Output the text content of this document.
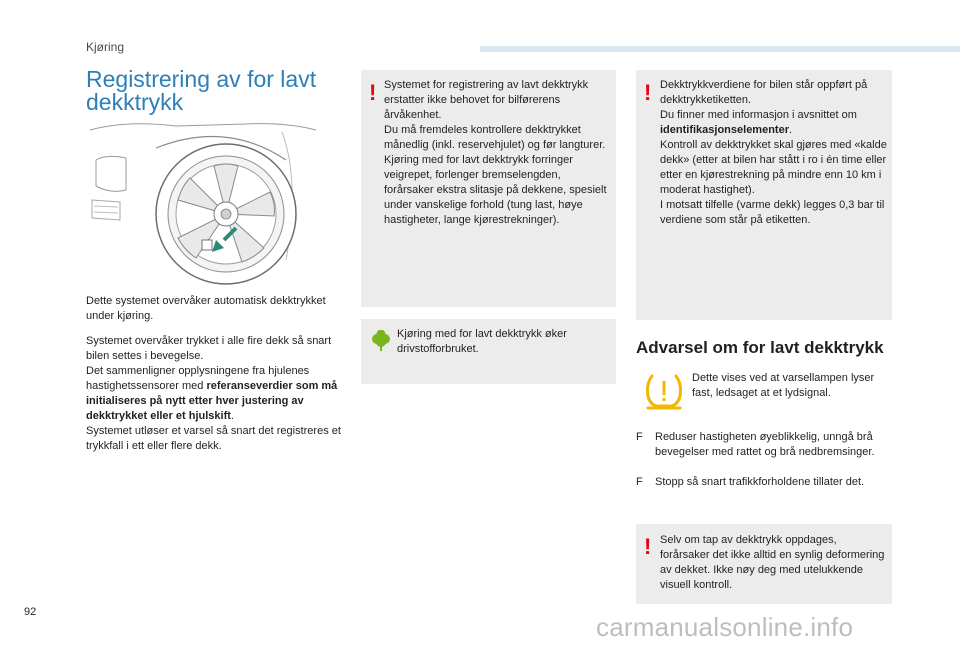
Kjøring
Registrering av for lavt dekktrykk

Dette systemet overvåker automatisk dekktrykket under kjøring.

Systemet overvåker trykket i alle fire dekk så snart bilen settes i bevegelse.
Det sammenligner opplysningene fra hjulenes hastighetssensorer med referanseverdier som må initialiseres på nytt etter hver justering av dekktrykket eller et hjulskift.
Systemet utløser et varsel så snart det registreres et trykkfall i ett eller flere dekk.
! Systemet for registrering av lavt dekktrykk erstatter ikke behovet for bilførerens årvåkenhet.
Du må fremdeles kontrollere dekktrykket månedlig (inkl. reservehjulet) og før langturer.
Kjøring med for lavt dekktrykk forringer veigrepet, forlenger bremselengden, forårsaker ekstra slitasje på dekkene, spesielt under vanskelige forhold (tung last, høye hastigheter, lange kjørestrekninger).
Kjøring med for lavt dekktrykk øker drivstofforbruket.
! Dekktrykkverdiene for bilen står oppført på dekktrykketiketten.
Du finner med informasjon i avsnittet om identifikasjonselementer.
Kontroll av dekktrykket skal gjøres med «kalde dekk» (etter at bilen har stått i ro i én time eller etter en kjørestrekning på mindre enn 10 km i moderat hastighet).
I motsatt tilfelle (varme dekk) legges 0,3 bar til verdiene som står på etiketten.
Advarsel om for lavt dekktrykk
Dette vises ved at varsellampen lyser fast, ledsaget at et lydsignal.
F	Reduser hastigheten øyeblikkelig, unngå brå bevegelser med rattet og brå nedbremsinger.
F	Stopp så snart trafikkforholdene tillater det.
! Selv om tap av dekktrykk oppdages, forårsaker det ikke alltid en synlig deformering av dekket. Ikke nøy deg med utelukkende visuell kontroll.
92	carmanualsonline.info
